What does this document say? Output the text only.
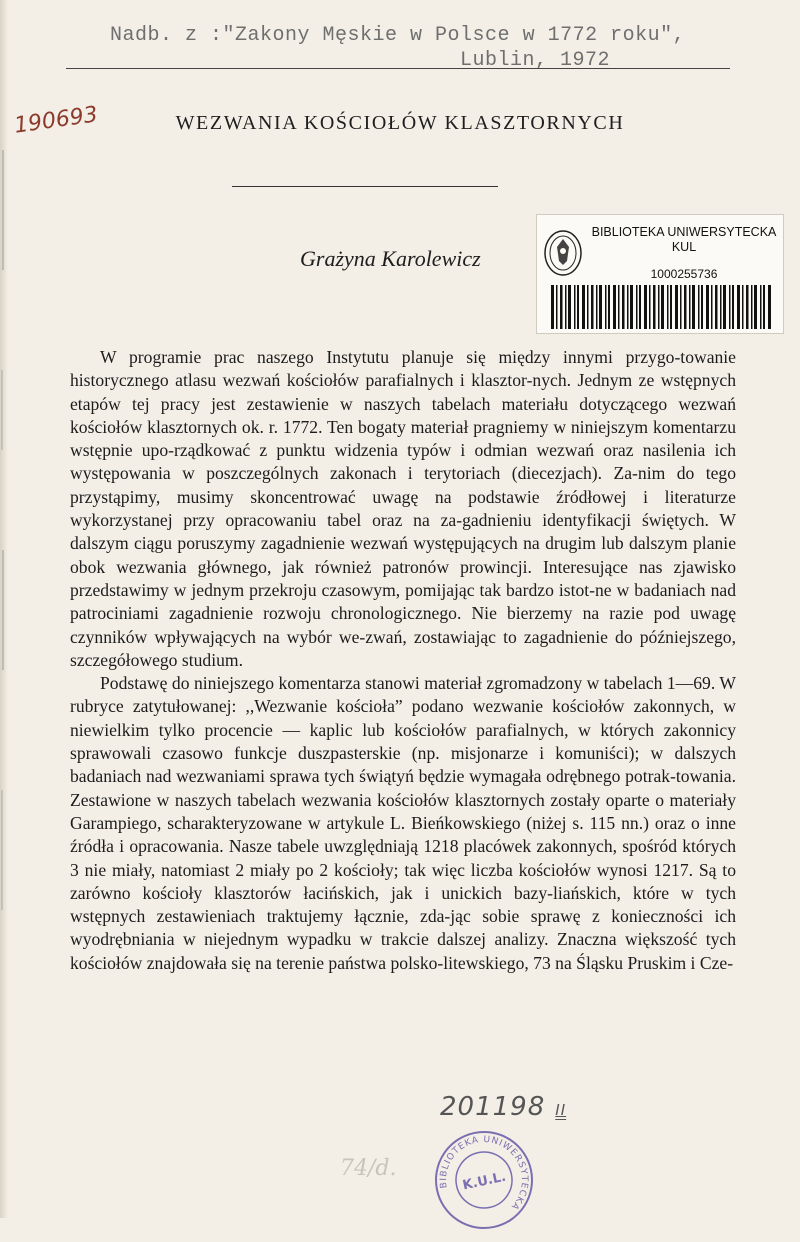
Nadb. z :"Zakony Męskie w Polsce w 1772 roku",
Lublin, 1972
190693	WEZWANIA KOŚCIOŁÓW KLASZTORNYCH
Grażyna Karolewicz
BIBLIOTEKA UNIWERSYTECKA
KUL
1000255736

W programie prac naszego Instytutu planuje się między innymi przygo-towanie historycznego atlasu wezwań kościołów parafialnych i klasztor-nych. Jednym ze wstępnych etapów tej pracy jest zestawienie w naszych tabelach materiału dotyczącego wezwań kościołów klasztornych ok. r. 1772. Ten bogaty materiał pragniemy w niniejszym komentarzu wstępnie upo-rządkować z punktu widzenia typów i odmian wezwań oraz nasilenia ich występowania w poszczególnych zakonach i terytoriach (diecezjach). Za-nim do tego przystąpimy, musimy skoncentrować uwagę na podstawie źródłowej i literaturze wykorzystanej przy opracowaniu tabel oraz na za-gadnieniu identyfikacji świętych. W dalszym ciągu poruszymy zagadnienie wezwań występujących na drugim lub dalszym planie obok wezwania głównego, jak również patronów prowincji. Interesujące nas zjawisko przedstawimy w jednym przekroju czasowym, pomijając tak bardzo istot-ne w badaniach nad patrociniami zagadnienie rozwoju chronologicznego. Nie bierzemy na razie pod uwagę czynników wpływających na wybór we-zwań, zostawiając to zagadnienie do późniejszego, szczegółowego studium.

Podstawę do niniejszego komentarza stanowi materiał zgromadzony w tabelach 1—69. W rubryce zatytułowanej: ,,Wezwanie kościoła” podano wezwanie kościołów zakonnych, w niewielkim tylko procencie — kaplic lub kościołów parafialnych, w których zakonnicy sprawowali czasowo funkcje duszpasterskie (np. misjonarze i komuniści); w dalszych badaniach nad wezwaniami sprawa tych świątyń będzie wymagała odrębnego potrak-towania. Zestawione w naszych tabelach wezwania kościołów klasztornych zostały oparte o materiały Garampiego, scharakteryzowane w artykule L. Bieńkowskiego (niżej s. 115 nn.) oraz o inne źródła i opracowania. Nasze tabele uwzględniają 1218 placówek zakonnych, spośród których 3 nie miały, natomiast 2 miały po 2 kościoły; tak więc liczba kościołów wynosi 1217. Są to zarówno kościoły klasztorów łacińskich, jak i unickich bazy-liańskich, które w tych wstępnych zestawieniach traktujemy łącznie, zda-jąc sobie sprawę z konieczności ich wyodrębniania w niejednym wypadku w trakcie dalszej analizy. Znaczna większość tych kościołów znajdowała się na terenie państwa polsko-litewskiego, 73 na Śląsku Pruskim i Cze-

201198 II
74/d.
BIBLIOTEKA UNIWERSYTECKA
K.U.L.
